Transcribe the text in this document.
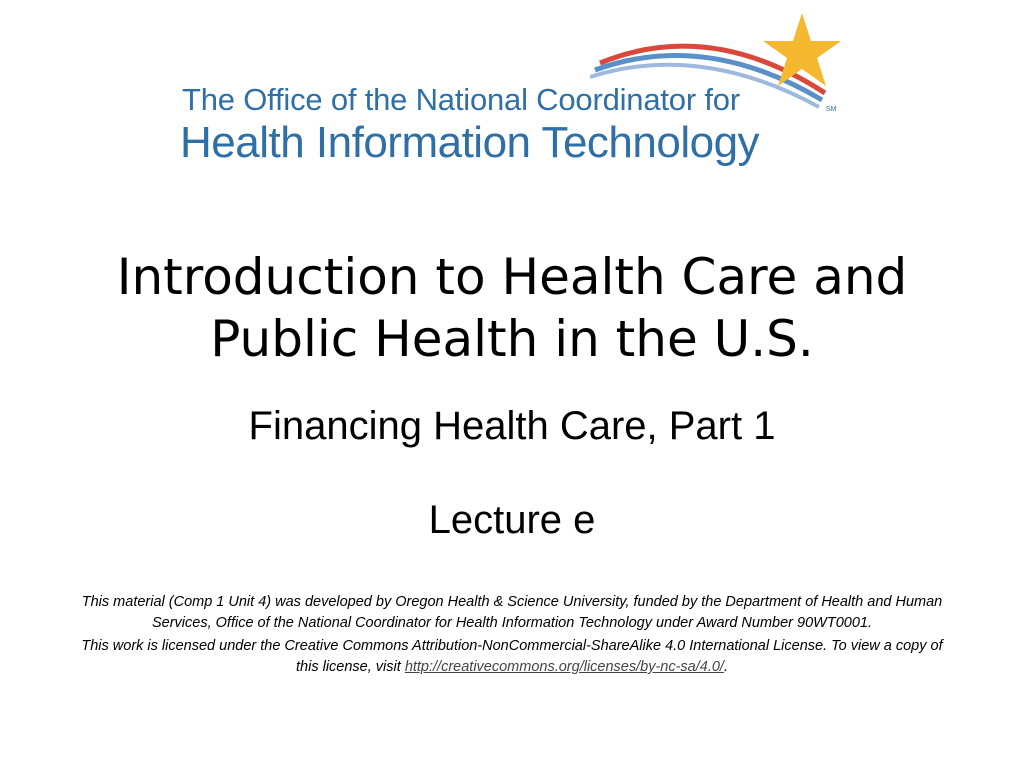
SM
The Office of the National Coordinator for
Health Information Technology
Introduction to Health Care and
Public Health in the U.S.
Financing Health Care, Part 1
Lecture e

This material (Comp 1 Unit 4) was developed by Oregon Health & Science University, funded by the Department of Health and Human Services, Office of the National Coordinator for Health Information Technology under Award Number 90WT0001.

This work is licensed under the Creative Commons Attribution-NonCommercial-ShareAlike 4.0 International License. To view a copy of this license, visit http://creativecommons.org/licenses/by-nc-sa/4.0/.
